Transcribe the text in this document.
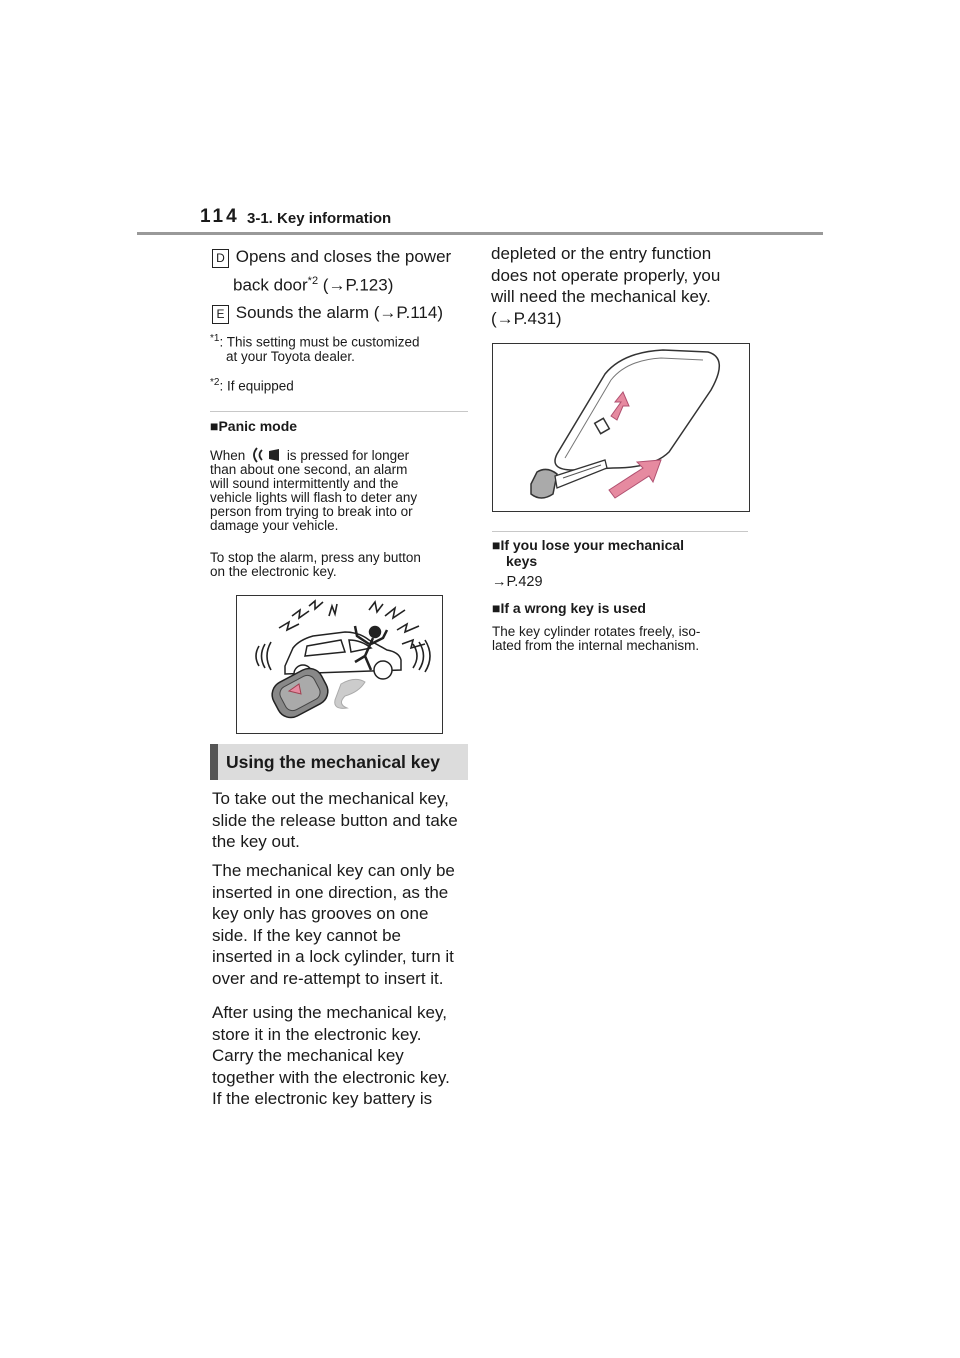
114 3-1. Key information
D Opens and closes the power
back door$^{*2}$ (→P.123)
E Sounds the alarm (→P.114)
$^{*1}$: This setting must be customized
at your Toyota dealer.
$^{*2}$: If equipped
■Panic mode
When	is pressed for longer
than about one second, an alarm
will sound intermittently and the
vehicle lights will flash to deter any
person from trying to break into or
damage your vehicle.
To stop the alarm, press any button
on the electronic key.
Using the mechanical key
To take out the mechanical key,
slide the release button and take
the key out.
The mechanical key can only be
inserted in one direction, as the
key only has grooves on one
side. If the key cannot be
inserted in a lock cylinder, turn it
over and re-attempt to insert it.
After using the mechanical key,
store it in the electronic key.
Carry the mechanical key
together with the electronic key.
If the electronic key battery is
depleted or the entry function
does not operate properly, you
will need the mechanical key.
(→P.431)
■If you lose your mechanical
keys
→P.429
■If a wrong key is used
The key cylinder rotates freely, iso-
lated from the internal mechanism.
